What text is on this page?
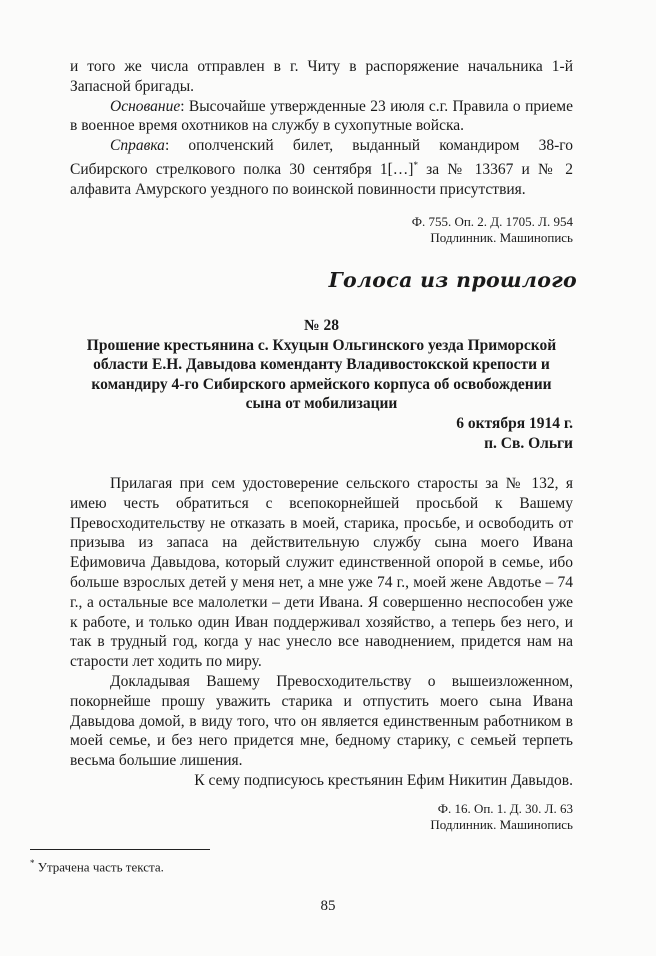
и того же числа отправлен в г. Читу в распоряжение начальника 1-й Запасной бригады.

Основание: Высочайше утвержденные 23 июля с.г. Правила о приеме в военное время охотников на службу в сухопутные войска.

Справка: ополченский билет, выданный командиром 38-го Сибирского стрелкового полка 30 сентября 1[…]* за № 13367 и № 2 алфавита Амурского уездного по воинской повинности присутствия.

Ф. 755. Оп. 2. Д. 1705. Л. 954
Подлинник. Машинопись
Голоса из прошлого
№ 28
Прошение крестьянина с. Кхуцын Ольгинского уезда Приморской области Е.Н. Давыдова коменданту Владивостокской крепости и командиру 4-го Сибирского армейского корпуса об освобождении сына от мобилизации
6 октября 1914 г.
п. Св. Ольги

Прилагая при сем удостоверение сельского старосты за № 132, я имею честь обратиться с всепокорнейшей просьбой к Вашему Превосходительству не отказать в моей, старика, просьбе, и освободить от призыва из запаса на действительную службу сына моего Ивана Ефимовича Давыдова, который служит единственной опорой в семье, ибо больше взрослых детей у меня нет, а мне уже 74 г., моей жене Авдотье – 74 г., а остальные все малолетки – дети Ивана. Я совершенно неспособен уже к работе, и только один Иван поддерживал хозяйство, а теперь без него, и так в трудный год, когда у нас унесло все наводнением, придется нам на старости лет ходить по миру.

Докладывая Вашему Превосходительству о вышеизложенном, покорнейше прошу уважить старика и отпустить моего сына Ивана Давыдова домой, в виду того, что он является единственным работником в моей семье, и без него придется мне, бедному старику, с семьей терпеть весьма большие лишения.

К сему подписуюсь крестьянин Ефим Никитин Давыдов.

Ф. 16. Оп. 1. Д. 30. Л. 63
Подлинник. Машинопись
* Утрачена часть текста.
85
